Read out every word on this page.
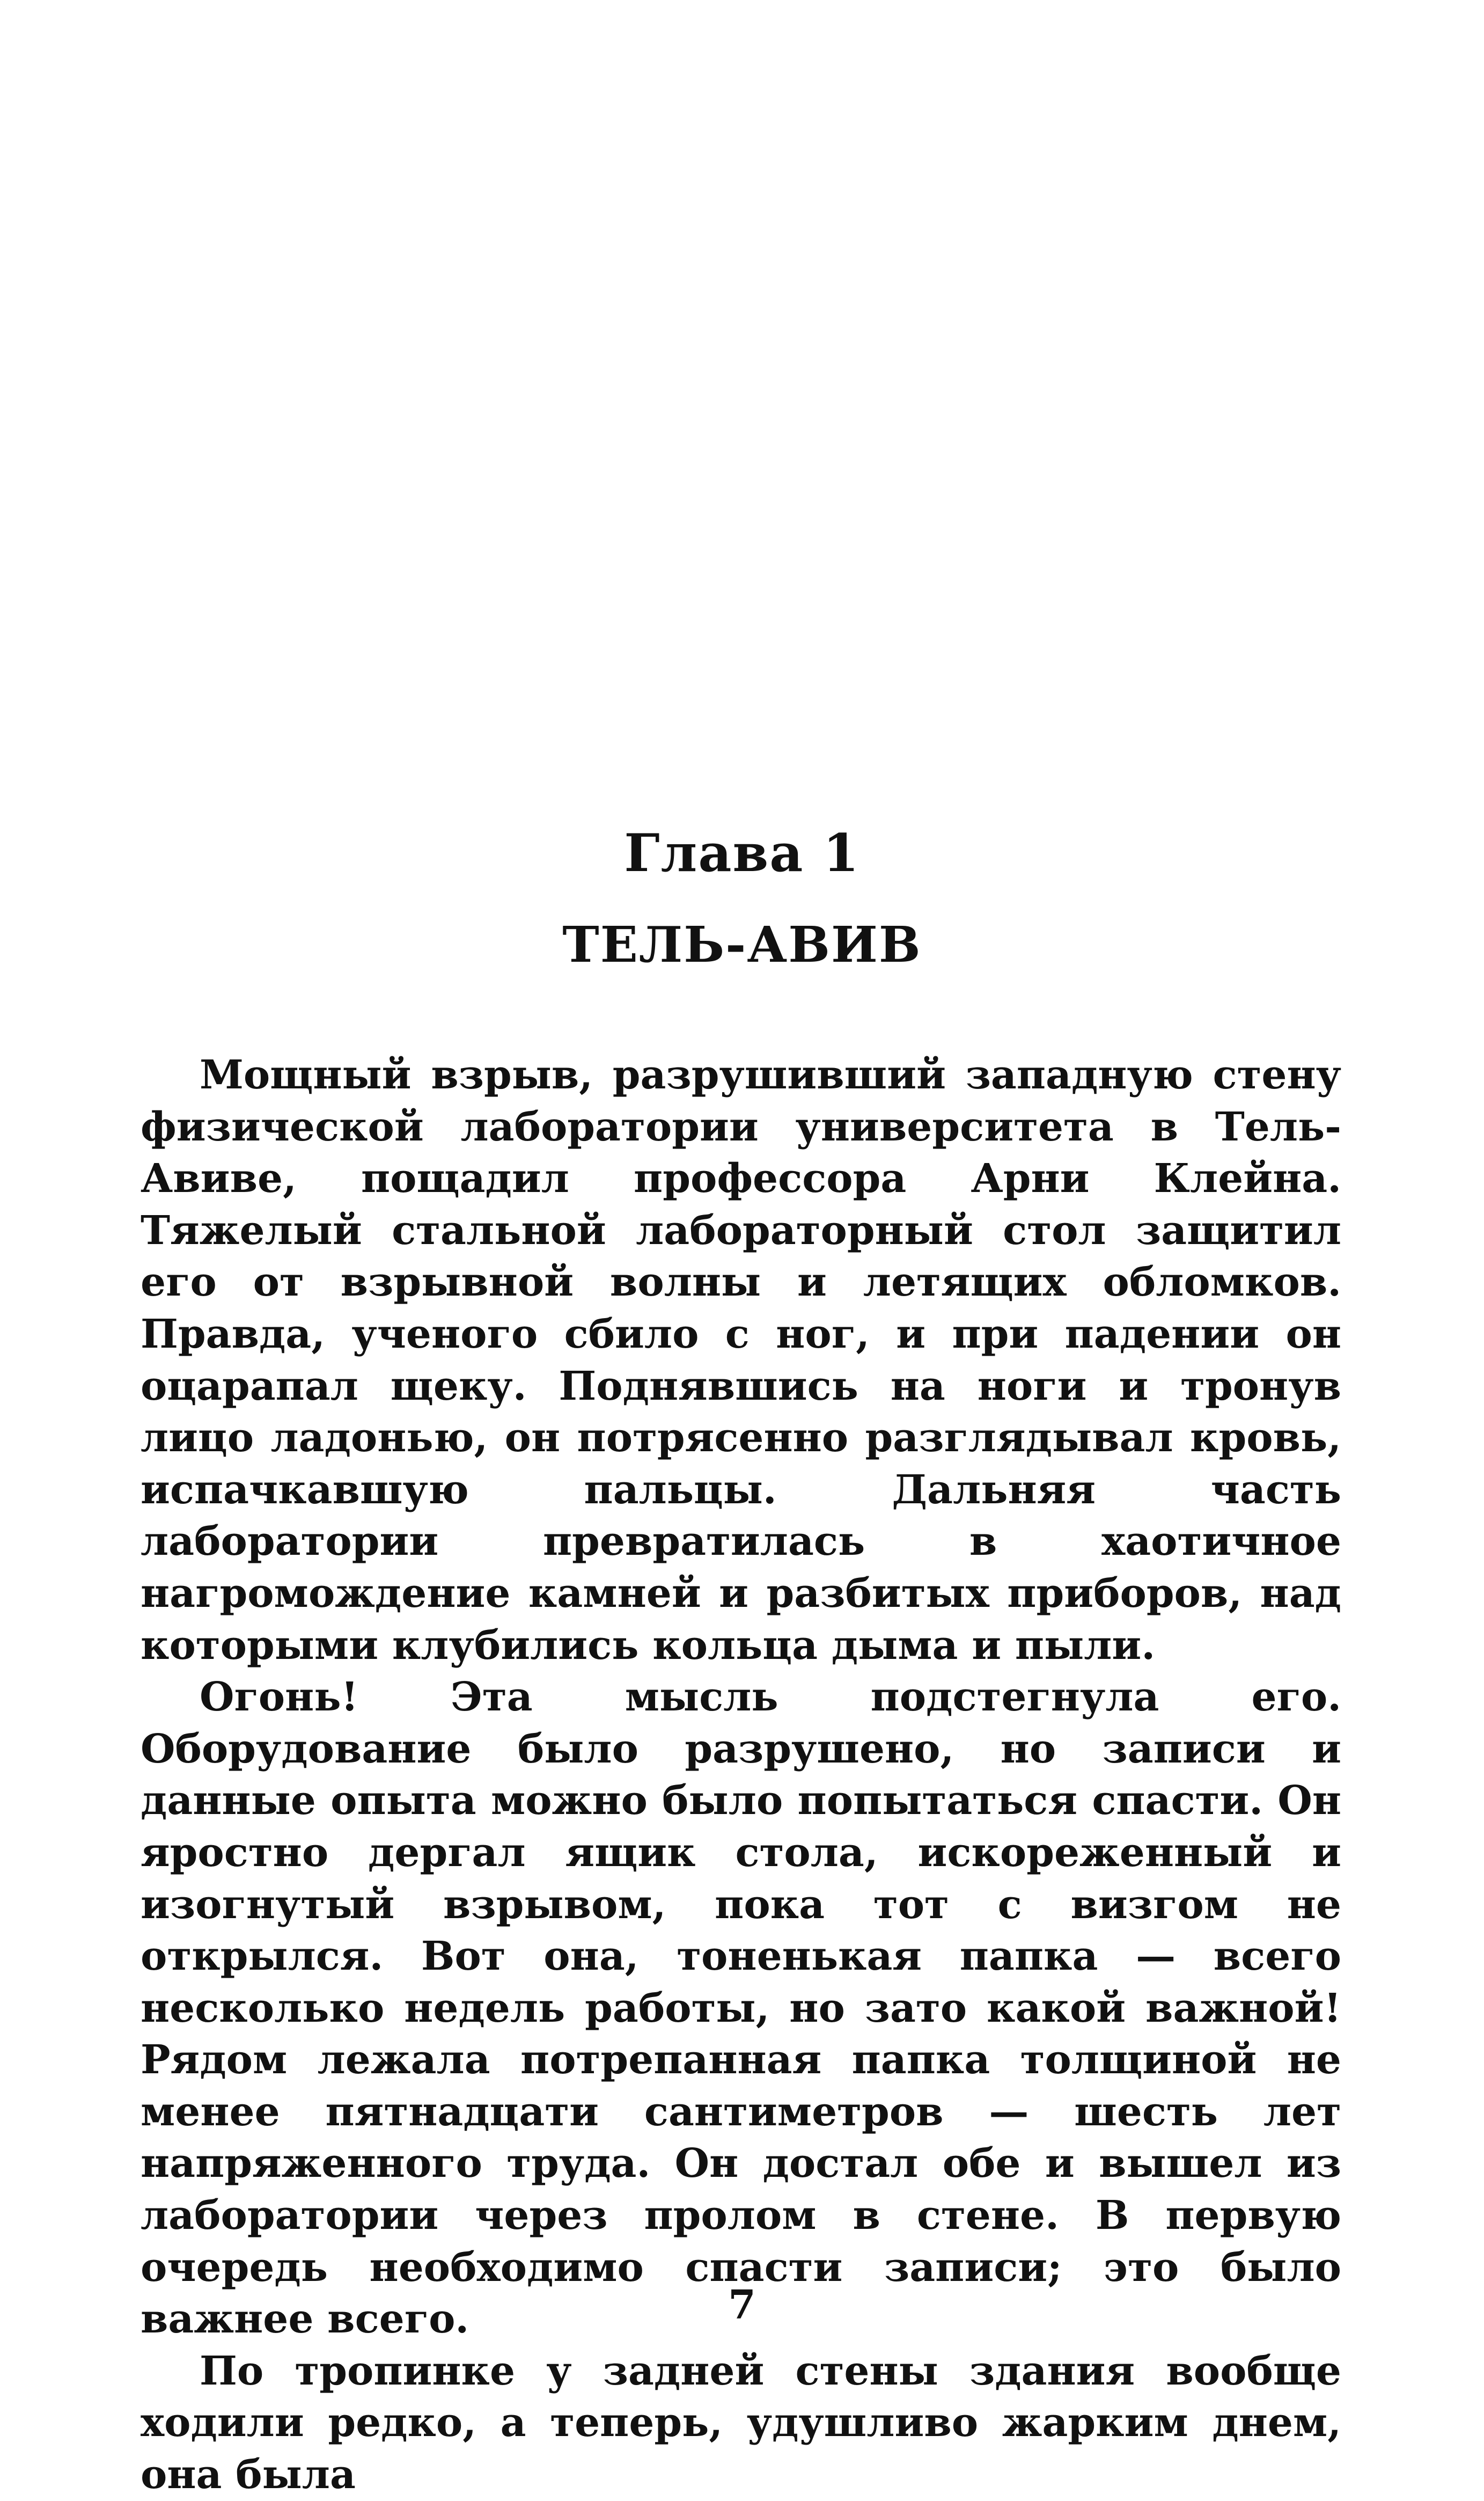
Глава 1
ТЕЛЬ-АВИВ

Мощный взрыв, разрушивший западную стену физической лаборатории университета в Тель-Авиве, пощадил профессора Арни Клейна. Тяжелый стальной лабораторный стол защитил его от взрывной волны и летящих обломков. Правда, ученого сбило с ног, и при падении он оцарапал щеку. Поднявшись на ноги и тронув лицо ладонью, он потрясенно разглядывал кровь, испачкавшую пальцы. Дальняя часть лаборатории превратилась в хаотичное нагромождение камней и разбитых приборов, над которыми клубились кольца дыма и пыли.

Огонь! Эта мысль подстегнула его. Оборудование было разрушено, но записи и данные опыта можно было попытаться спасти. Он яростно дергал ящик стола, искореженный и изогнутый взрывом, пока тот с визгом не открылся. Вот она, тоненькая папка — всего несколько недель работы, но зато какой важной! Рядом лежала потрепанная папка толщиной не менее пятнадцати сантиметров — шесть лет напряженного труда. Он достал обе и вышел из лаборатории через пролом в стене. В первую очередь необходимо спасти записи; это было важнее всего.

По тропинке у задней стены здания вообще ходили редко, а теперь, удушливо жарким днем, она была

7
